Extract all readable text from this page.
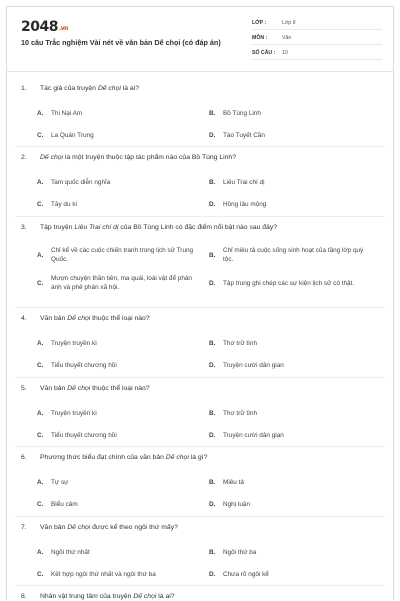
2048.vn
10 câu Trắc nghiệm Vài nét về văn bản Dế chọi (có đáp án)
LỚP :	Lớp 9
MÔN :	Văn
SỐ CÂU :	10
1. Tác giả của truyện Dế chọi là ai?
A.	Thi Nại Am	B.	Bồ Tùng Linh
C.	La Quán Trung	D.	Tào Tuyết Cần
2. Dế chọi là một truyện thuộc tập tác phẩm nào của Bồ Tùng Linh?
A.	Tam quốc diễn nghĩa	B.	Liêu Trai chí dị
C.	Tây du kí	D.	Hồng lâu mộng
3. Tập truyện Liêu Trai chí dị của Bồ Tùng Linh có đặc điểm nổi bật nào sau đây?
A.
Chỉ kể về các cuộc chiến tranh trong lịch sử Trung Quốc.
B.
Chỉ miêu tả cuộc sống sinh hoạt của tầng lớp quý tộc.
C.
Mượn chuyện thần tiên, ma quái, loài vật để phản ánh và phê phán xã hội.
D.	Tập trung ghi chép các sự kiện lịch sử có thật.
4. Văn bản Dế chọi thuộc thể loại nào?
A.	Truyện truyền kì	B.	Thơ trữ tình
C.	Tiểu thuyết chương hồi	D.	Truyện cười dân gian
5. Văn bản Dế chọi thuộc thể loại nào?
A.	Truyện truyền kì	B.	Thơ trữ tình
C.	Tiểu thuyết chương hồi	D.	Truyện cười dân gian
6. Phương thức biểu đạt chính của văn bản Dế chọi là gì?
A.	Tự sự	B.	Miêu tả
C.	Biểu cảm	D.	Nghị luận
7. Văn bản Dế chọi được kể theo ngôi thứ mấy?
A.	Ngôi thứ nhất	B.	Ngôi thứ ba
C.	Kết hợp ngôi thứ nhất và ngôi thứ ba	D.	Chưa rõ ngôi kể
8. Nhân vật trung tâm của truyện Dế chọi là ai?
